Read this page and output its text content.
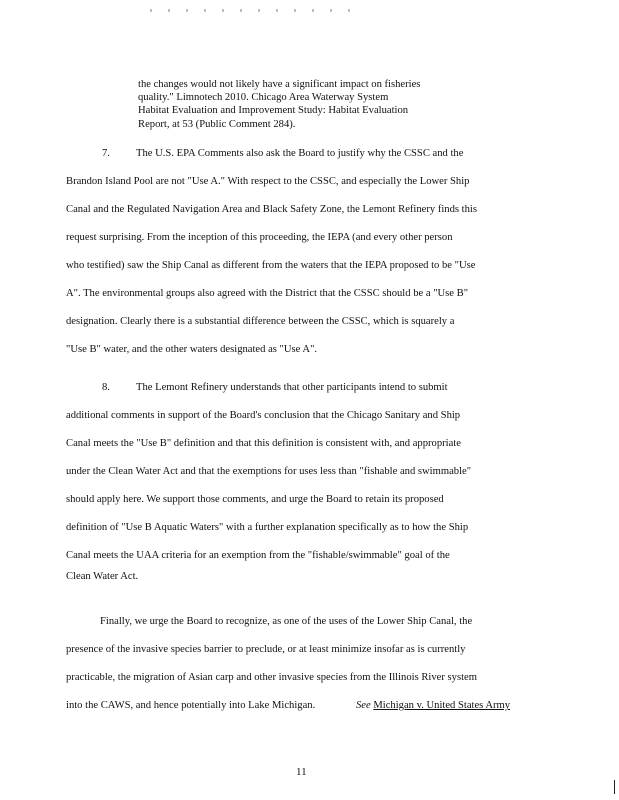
the changes would not likely have a significant impact on fisheries
quality." Limnotech 2010. Chicago Area Waterway System
Habitat Evaluation and Improvement Study: Habitat Evaluation
Report, at 53 (Public Comment 284).
7. The U.S. EPA Comments also ask the Board to justify why the CSSC and the
Brandon Island Pool are not "Use A." With respect to the CSSC, and especially the Lower Ship
Canal and the Regulated Navigation Area and Black Safety Zone, the Lemont Refinery finds this
request surprising. From the inception of this proceeding, the IEPA (and every other person
who testified) saw the Ship Canal as different from the waters that the IEPA proposed to be "Use
A". The environmental groups also agreed with the District that the CSSC should be a "Use B"
designation. Clearly there is a substantial difference between the CSSC, which is squarely a
"Use B" water, and the other waters designated as "Use A".
8. The Lemont Refinery understands that other participants intend to submit
additional comments in support of the Board's conclusion that the Chicago Sanitary and Ship
Canal meets the "Use B" definition and that this definition is consistent with, and appropriate
under the Clean Water Act and that the exemptions for uses less than "fishable and swimmable"
should apply here. We support those comments, and urge the Board to retain its proposed
definition of "Use B Aquatic Waters" with a further explanation specifically as to how the Ship
Canal meets the UAA criteria for an exemption from the "fishable/swimmable" goal of the
Clean Water Act.
Finally, we urge the Board to recognize, as one of the uses of the Lower Ship Canal, the
presence of the invasive species barrier to preclude, or at least minimize insofar as is currently
practicable, the migration of Asian carp and other invasive species from the Illinois River system
into the CAWS, and hence potentially into Lake Michigan.	See Michigan v. United States Army
11
